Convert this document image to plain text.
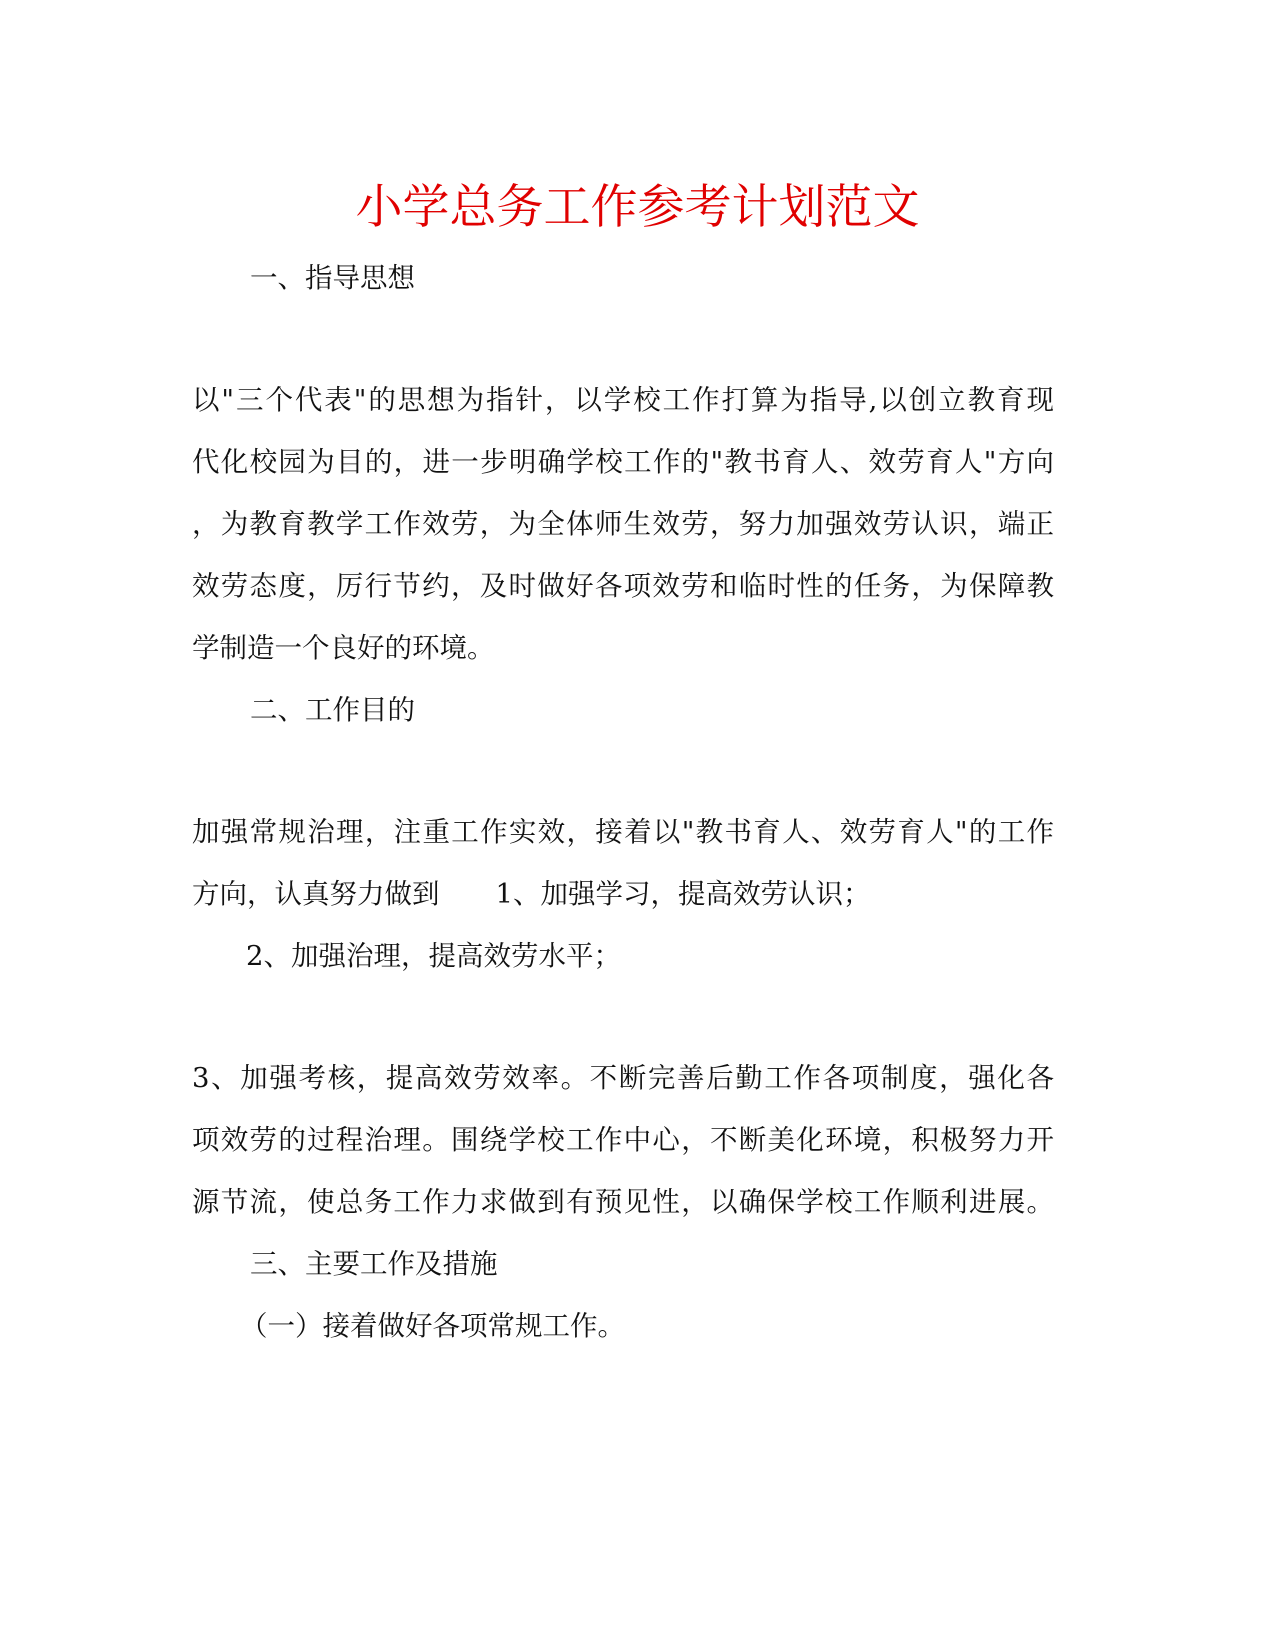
小学总务工作参考计划范文

一、指导思想

以"三个代表"的思想为指针，以学校工作打算为指导,以创立教育现

代化校园为目的，进一步明确学校工作的"教书育人、效劳育人"方向

，为教育教学工作效劳，为全体师生效劳，努力加强效劳认识，端正

效劳态度，厉行节约，及时做好各项效劳和临时性的任务，为保障教

学制造一个良好的环境。

二、工作目的

加强常规治理，注重工作实效，接着以"教书育人、效劳育人"的工作

方向，认真努力做到 1、加强学习，提高效劳认识；

2、加强治理，提高效劳水平；

3、加强考核，提高效劳效率。不断完善后勤工作各项制度，强化各

项效劳的过程治理。围绕学校工作中心，不断美化环境，积极努力开

源节流，使总务工作力求做到有预见性，以确保学校工作顺利进展。

三、主要工作及措施

（一）接着做好各项常规工作。
